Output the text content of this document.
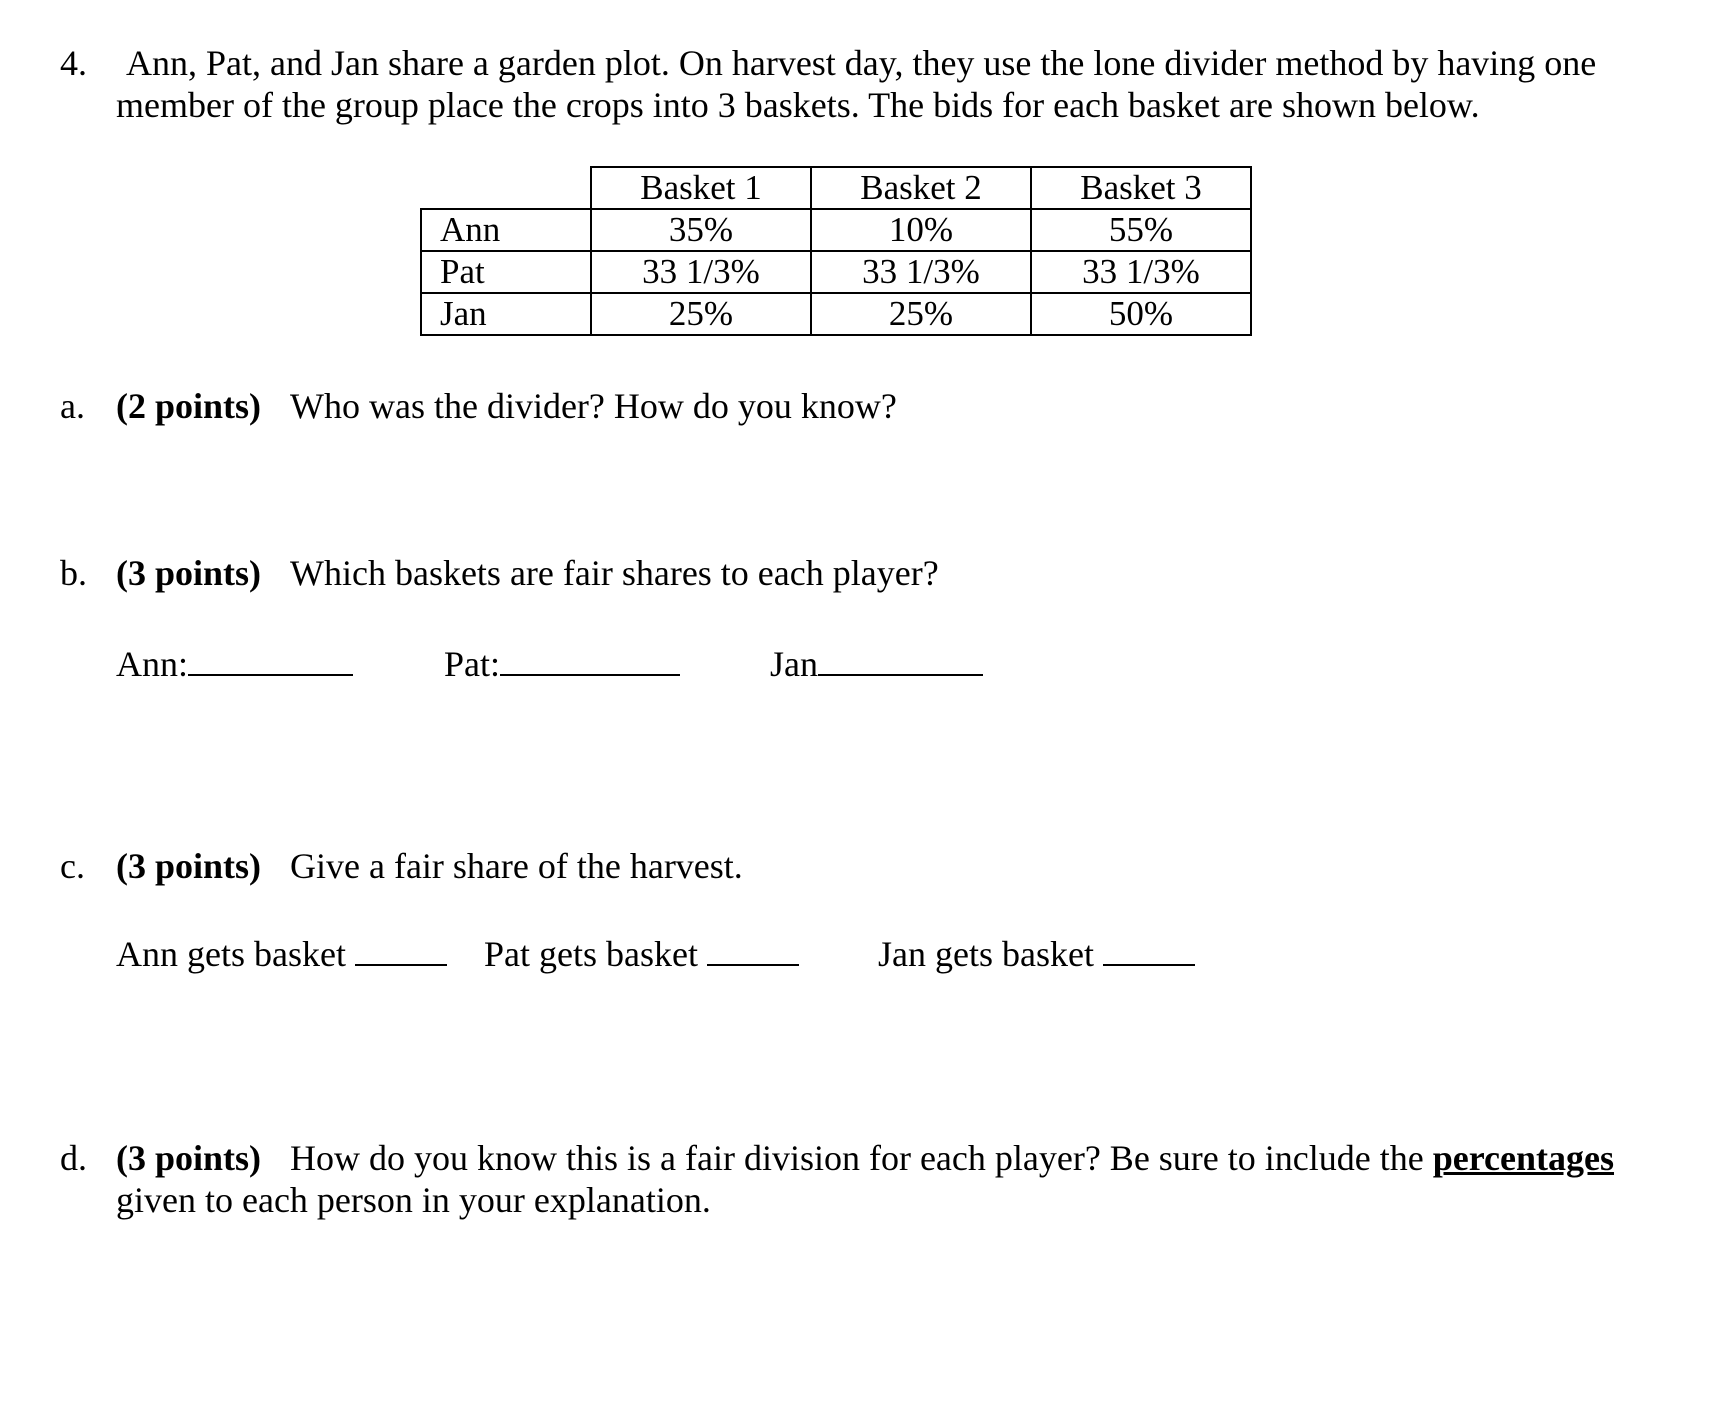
4. Ann, Pat, and Jan share a garden plot. On harvest day, they use the lone divider method by having one
member of the group place the crops into 3 baskets. The bids for each basket are shown below.
	Basket 1	Basket 2	Basket 3
Ann	35%	10%	55%
Pat	33 1/3%	33 1/3%	33 1/3%
Jan	25%	25%	50%
a. (2 points) Who was the divider? How do you know?
b. (3 points) Which baskets are fair shares to each player?
Ann:	Pat:	Jan
c. (3 points) Give a fair share of the harvest.
Ann gets basket	Pat gets basket	Jan gets basket
d. (3 points) How do you know this is a fair division for each player? Be sure to include the percentages
given to each person in your explanation.
